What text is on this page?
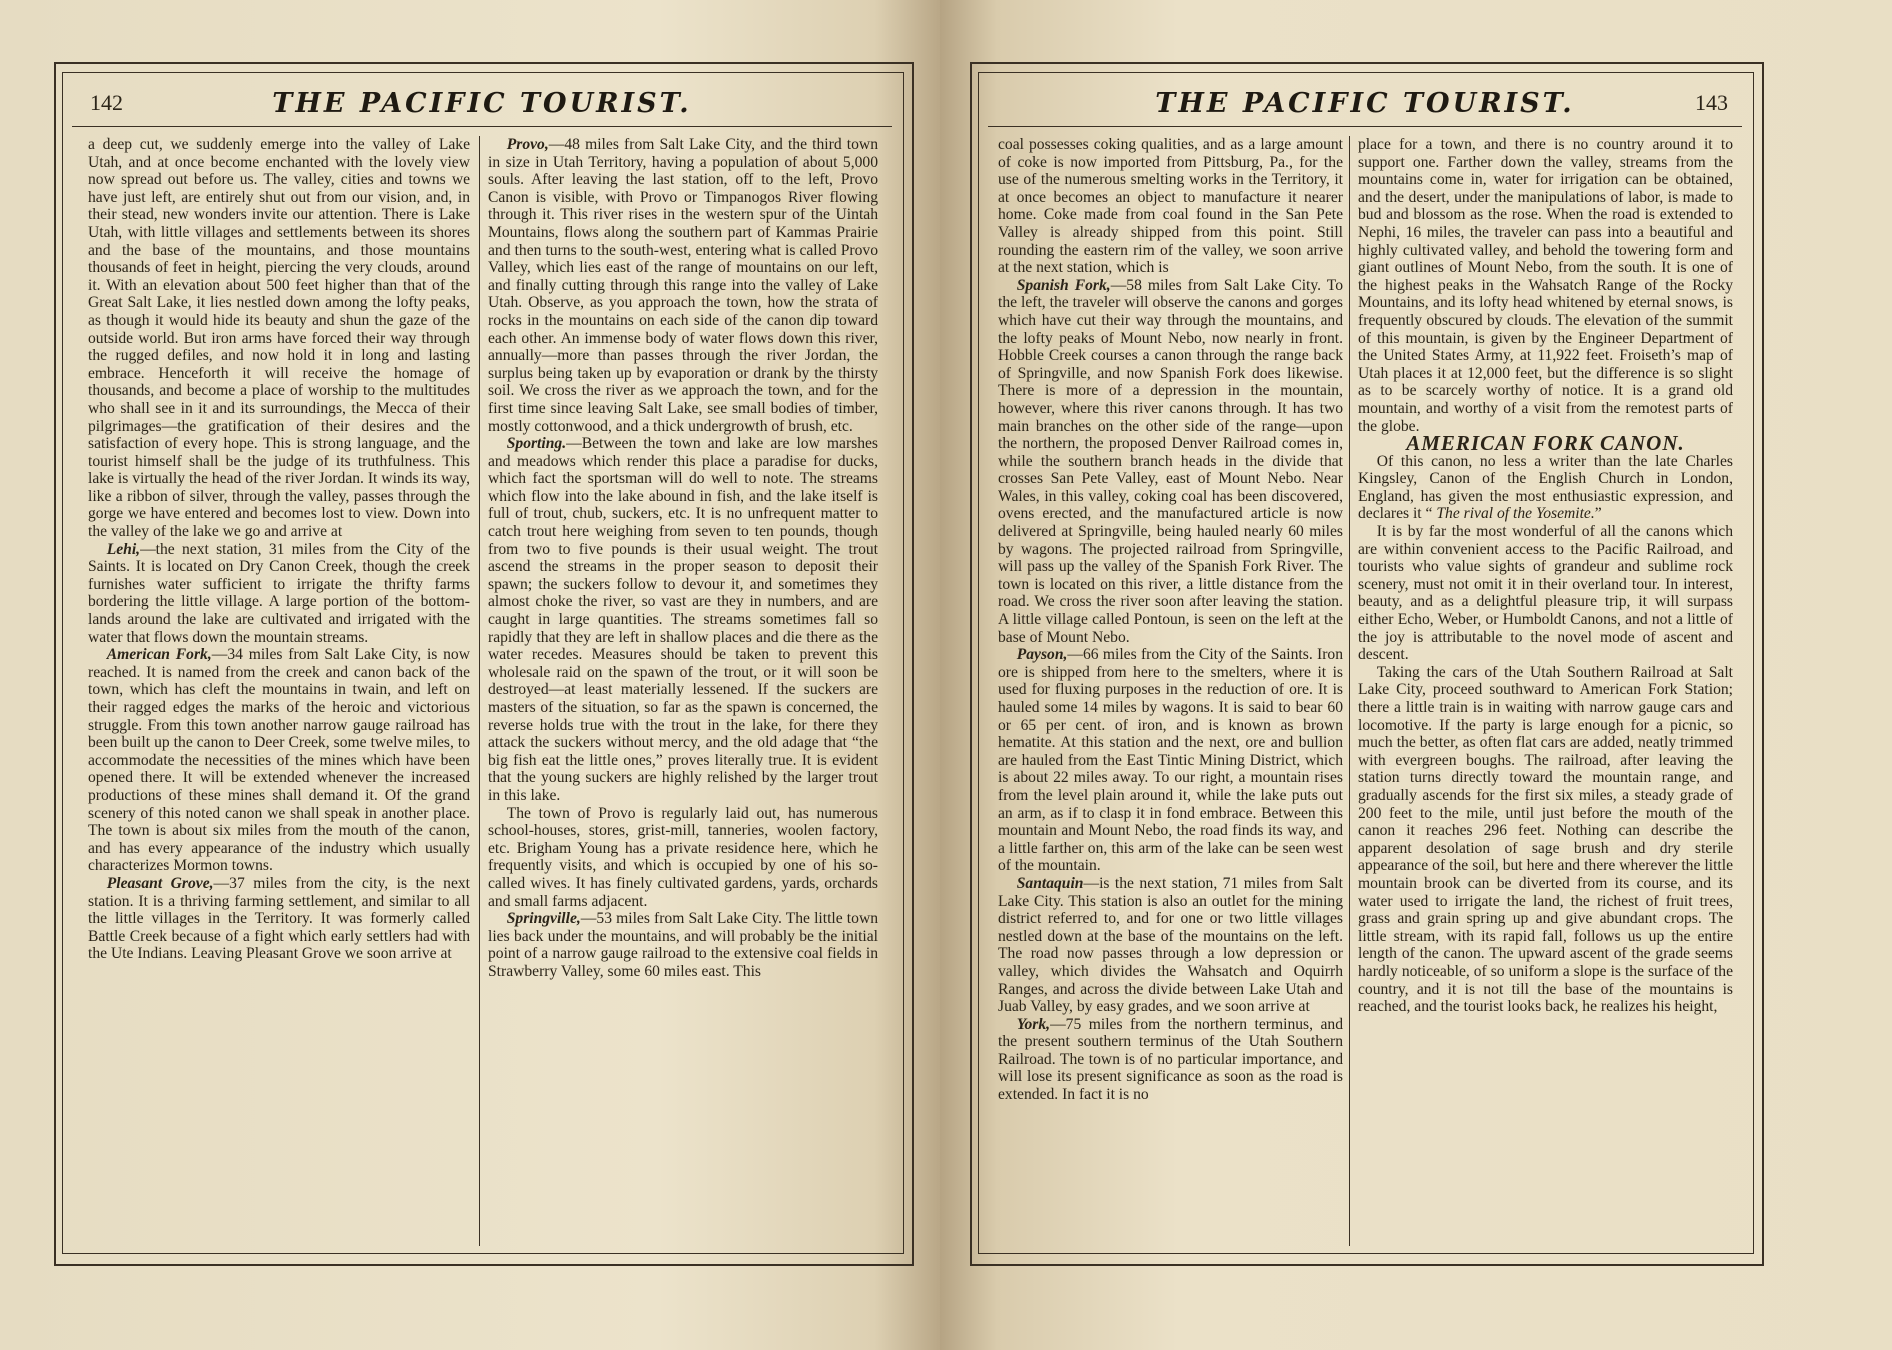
142	THE PACIFIC TOURIST.

a deep cut, we suddenly emerge into the valley of Lake Utah, and at once become enchanted with the lovely view now spread out before us. The valley, cities and towns we have just left, are entirely shut out from our vision, and, in their stead, new wonders invite our attention. There is Lake Utah, with little villages and settlements between its shores and the base of the mountains, and those mountains thousands of feet in height, piercing the very clouds, around it. With an elevation about 500 feet higher than that of the Great Salt Lake, it lies nestled down among the lofty peaks, as though it would hide its beauty and shun the gaze of the outside world. But iron arms have forced their way through the rugged defiles, and now hold it in long and lasting embrace. Henceforth it will receive the homage of thousands, and become a place of worship to the multitudes who shall see in it and its surroundings, the Mecca of their pilgrimages—the gratification of their desires and the satisfaction of every hope. This is strong language, and the tourist himself shall be the judge of its truthfulness. This lake is virtually the head of the river Jordan. It winds its way, like a ribbon of silver, through the valley, passes through the gorge we have entered and becomes lost to view. Down into the valley of the lake we go and arrive at

Lehi,—the next station, 31 miles from the City of the Saints. It is located on Dry Canon Creek, though the creek furnishes water sufficient to irrigate the thrifty farms bordering the little village. A large portion of the bottom-lands around the lake are cultivated and irrigated with the water that flows down the mountain streams.

American Fork,—34 miles from Salt Lake City, is now reached. It is named from the creek and canon back of the town, which has cleft the mountains in twain, and left on their ragged edges the marks of the heroic and victorious struggle. From this town another narrow gauge railroad has been built up the canon to Deer Creek, some twelve miles, to accommodate the necessities of the mines which have been opened there. It will be extended whenever the increased productions of these mines shall demand it. Of the grand scenery of this noted canon we shall speak in another place. The town is about six miles from the mouth of the canon, and has every appearance of the industry which usually characterizes Mormon towns.

Pleasant Grove,—37 miles from the city, is the next station. It is a thriving farming settlement, and similar to all the little villages in the Territory. It was formerly called Battle Creek because of a fight which early settlers had with the Ute Indians. Leaving Pleasant Grove we soon arrive at

Provo,—48 miles from Salt Lake City, and the third town in size in Utah Territory, having a population of about 5,000 souls. After leaving the last station, off to the left, Provo Canon is visible, with Provo or Timpanogos River flowing through it. This river rises in the western spur of the Uintah Mountains, flows along the southern part of Kammas Prairie and then turns to the south-west, entering what is called Provo Valley, which lies east of the range of mountains on our left, and finally cutting through this range into the valley of Lake Utah. Observe, as you approach the town, how the strata of rocks in the mountains on each side of the canon dip toward each other. An immense body of water flows down this river, annually—more than passes through the river Jordan, the surplus being taken up by evaporation or drank by the thirsty soil. We cross the river as we approach the town, and for the first time since leaving Salt Lake, see small bodies of timber, mostly cottonwood, and a thick undergrowth of brush, etc.

Sporting.—Between the town and lake are low marshes and meadows which render this place a paradise for ducks, which fact the sportsman will do well to note. The streams which flow into the lake abound in fish, and the lake itself is full of trout, chub, suckers, etc. It is no unfrequent matter to catch trout here weighing from seven to ten pounds, though from two to five pounds is their usual weight. The trout ascend the streams in the proper season to deposit their spawn; the suckers follow to devour it, and sometimes they almost choke the river, so vast are they in numbers, and are caught in large quantities. The streams sometimes fall so rapidly that they are left in shallow places and die there as the water recedes. Measures should be taken to prevent this wholesale raid on the spawn of the trout, or it will soon be destroyed—at least materially lessened. If the suckers are masters of the situation, so far as the spawn is concerned, the reverse holds true with the trout in the lake, for there they attack the suckers without mercy, and the old adage that “the big fish eat the little ones,” proves literally true. It is evident that the young suckers are highly relished by the larger trout in this lake.

The town of Provo is regularly laid out, has numerous school-houses, stores, grist-mill, tanneries, woolen factory, etc. Brigham Young has a private residence here, which he frequently visits, and which is occupied by one of his so-called wives. It has finely cultivated gardens, yards, orchards and small farms adjacent.

Springville,—53 miles from Salt Lake City. The little town lies back under the mountains, and will probably be the initial point of a narrow gauge railroad to the extensive coal fields in Strawberry Valley, some 60 miles east. This

THE PACIFIC TOURIST.	143

coal possesses coking qualities, and as a large amount of coke is now imported from Pittsburg, Pa., for the use of the numerous smelting works in the Territory, it at once becomes an object to manufacture it nearer home. Coke made from coal found in the San Pete Valley is already shipped from this point. Still rounding the eastern rim of the valley, we soon arrive at the next station, which is

Spanish Fork,—58 miles from Salt Lake City. To the left, the traveler will observe the canons and gorges which have cut their way through the mountains, and the lofty peaks of Mount Nebo, now nearly in front. Hobble Creek courses a canon through the range back of Springville, and now Spanish Fork does likewise. There is more of a depression in the mountain, however, where this river canons through. It has two main branches on the other side of the range—upon the northern, the proposed Denver Railroad comes in, while the southern branch heads in the divide that crosses San Pete Valley, east of Mount Nebo. Near Wales, in this valley, coking coal has been discovered, ovens erected, and the manufactured article is now delivered at Springville, being hauled nearly 60 miles by wagons. The projected railroad from Springville, will pass up the valley of the Spanish Fork River. The town is located on this river, a little distance from the road. We cross the river soon after leaving the station. A little village called Pontoun, is seen on the left at the base of Mount Nebo.

Payson,—66 miles from the City of the Saints. Iron ore is shipped from here to the smelters, where it is used for fluxing purposes in the reduction of ore. It is hauled some 14 miles by wagons. It is said to bear 60 or 65 per cent. of iron, and is known as brown hematite. At this station and the next, ore and bullion are hauled from the East Tintic Mining District, which is about 22 miles away. To our right, a mountain rises from the level plain around it, while the lake puts out an arm, as if to clasp it in fond embrace. Between this mountain and Mount Nebo, the road finds its way, and a little farther on, this arm of the lake can be seen west of the mountain.

Santaquin—is the next station, 71 miles from Salt Lake City. This station is also an outlet for the mining district referred to, and for one or two little villages nestled down at the base of the mountains on the left. The road now passes through a low depression or valley, which divides the Wahsatch and Oquirrh Ranges, and across the divide between Lake Utah and Juab Valley, by easy grades, and we soon arrive at

York,—75 miles from the northern terminus, and the present southern terminus of the Utah Southern Railroad. The town is of no particular importance, and will lose its present significance as soon as the road is extended. In fact it is no

place for a town, and there is no country around it to support one. Farther down the valley, streams from the mountains come in, water for irrigation can be obtained, and the desert, under the manipulations of labor, is made to bud and blossom as the rose. When the road is extended to Nephi, 16 miles, the traveler can pass into a beautiful and highly cultivated valley, and behold the towering form and giant outlines of Mount Nebo, from the south. It is one of the highest peaks in the Wahsatch Range of the Rocky Mountains, and its lofty head whitened by eternal snows, is frequently obscured by clouds. The elevation of the summit of this mountain, is given by the Engineer Department of the United States Army, at 11,922 feet. Froiseth’s map of Utah places it at 12,000 feet, but the difference is so slight as to be scarcely worthy of notice. It is a grand old mountain, and worthy of a visit from the remotest parts of the globe.

AMERICAN FORK CANON.

Of this canon, no less a writer than the late Charles Kingsley, Canon of the English Church in London, England, has given the most enthusiastic expression, and declares it “ The rival of the Yosemite.”

It is by far the most wonderful of all the canons which are within convenient access to the Pacific Railroad, and tourists who value sights of grandeur and sublime rock scenery, must not omit it in their overland tour. In interest, beauty, and as a delightful pleasure trip, it will surpass either Echo, Weber, or Humboldt Canons, and not a little of the joy is attributable to the novel mode of ascent and descent.

Taking the cars of the Utah Southern Railroad at Salt Lake City, proceed southward to American Fork Station; there a little train is in waiting with narrow gauge cars and locomotive. If the party is large enough for a picnic, so much the better, as often flat cars are added, neatly trimmed with evergreen boughs. The railroad, after leaving the station turns directly toward the mountain range, and gradually ascends for the first six miles, a steady grade of 200 feet to the mile, until just before the mouth of the canon it reaches 296 feet. Nothing can describe the apparent desolation of sage brush and dry sterile appearance of the soil, but here and there wherever the little mountain brook can be diverted from its course, and its water used to irrigate the land, the richest of fruit trees, grass and grain spring up and give abundant crops. The little stream, with its rapid fall, follows us up the entire length of the canon. The upward ascent of the grade seems hardly noticeable, of so uniform a slope is the surface of the country, and it is not till the base of the mountains is reached, and the tourist looks back, he realizes his height,
